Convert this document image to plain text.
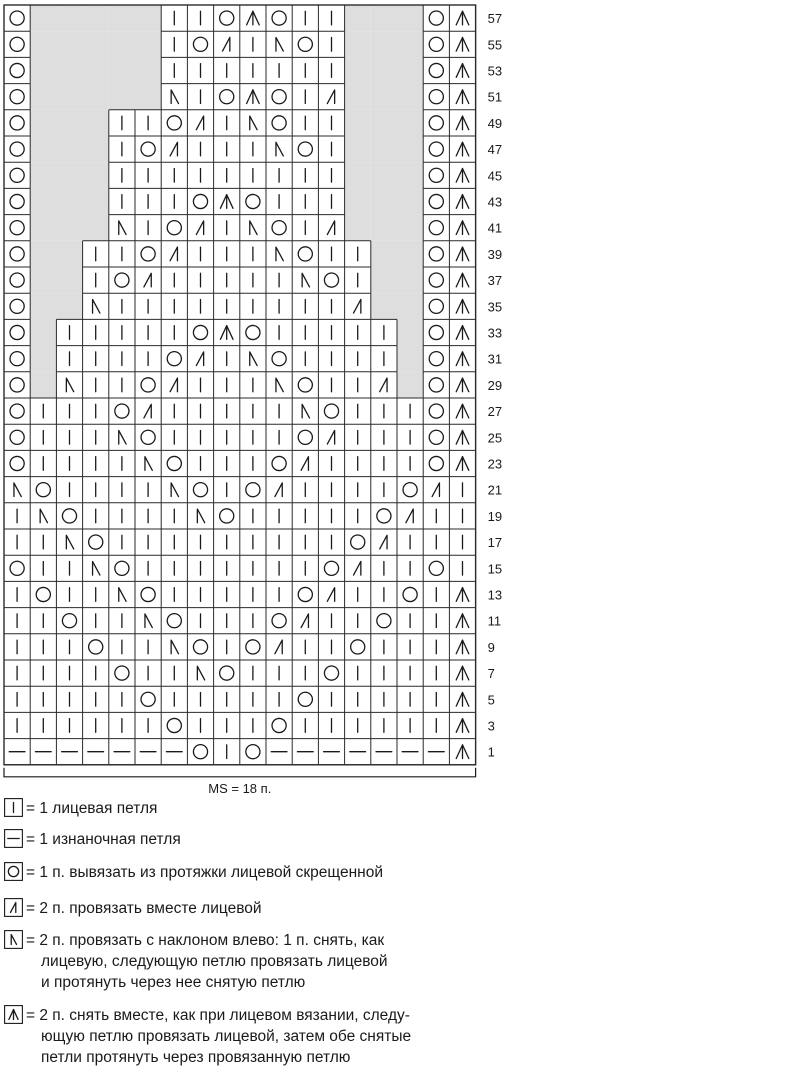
57
55
53
51
49
47
45
43
41
39
37
35
33
31
29
27
25
23
21
19
17
15
13
11
9
7
5
3
1
MS = 18 п.
= 1 лицевая петля
= 1 изнаночная петля
= 1 п. вывязать из протяжки лицевой скрещенной
= 2 п. провязать вместе лицевой
= 2 п. провязать с наклоном влево: 1 п. снять, как
лицевую, следующую петлю провязать лицевой
и протянуть через нее снятую петлю
= 2 п. снять вместе, как при лицевом вязании, следу-
ющую петлю провязать лицевой, затем обе снятые
петли протянуть через провязанную петлю
